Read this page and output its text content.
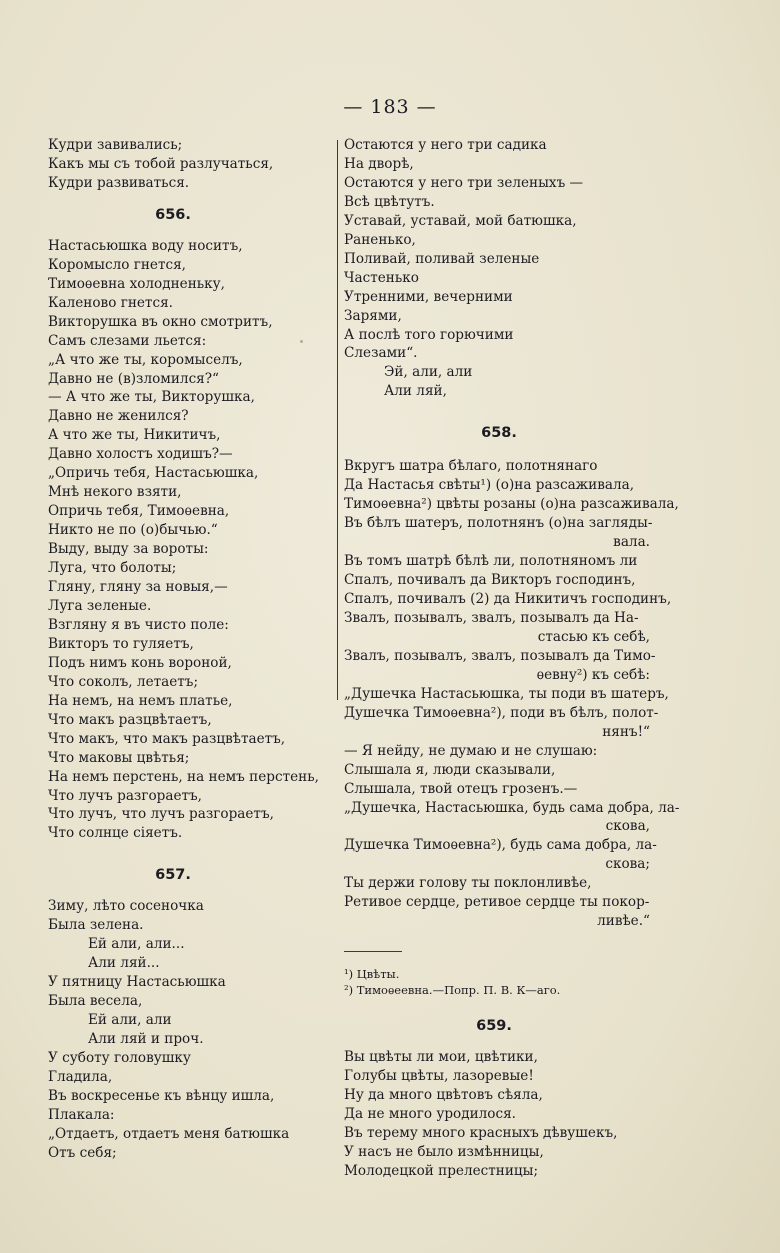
— 183 —
Кудри завивались;
Какъ мы съ тобой разлучаться,
Кудри развиваться.
656.
Настасьюшка воду носитъ,
Коромысло гнется,
Тимоѳевна холодненьку,
Каленово гнется.
Викторушка въ окно смотритъ,
Самъ слезами льется:
„А что же ты, коромыселъ,
Давно не (в)зломился?“
— А что же ты, Викторушка,
Давно не женился?
А что же ты, Никитичъ,
Давно холостъ ходишъ?—
„Опричь тебя, Настасьюшка,
Мнѣ некого взяти,
Опричь тебя, Тимоѳевна,
Никто не по (о)бычью.“
Выду, выду за вороты:
Луга, что болоты;
Гляну, гляну за новыя,—
Луга зеленые.
Взгляну я въ чисто поле:
Викторъ то гуляетъ,
Подъ нимъ конь вороной,
Что соколъ, летаетъ;
На немъ, на немъ платье,
Что макъ разцвѣтаетъ,
Что макъ, что макъ разцвѣтаетъ,
Что маковы цвѣтья;
На немъ перстень, на немъ перстень,
Что лучъ разгораетъ,
Что лучъ, что лучъ разгораетъ,
Что солнце сіяетъ.
657.
Зиму, лѣто сосеночка
Была зелена.
Ей али, али...
Али ляй...
У пятницу Настасьюшка
Была весела,
Ей али, али
Али ляй и проч.
У суботу головушку
Гладила,
Въ воскресенье къ вѣнцу ишла,
Плакала:
„Отдаетъ, отдаетъ меня батюшка
Отъ себя;
Остаются у него три садика
На дворѣ,
Остаются у него три зеленыхъ —
Всѣ цвѣтутъ.
Уставай, уставай, мой батюшка,
Раненько,
Поливай, поливай зеленые
Частенько
Утренними, вечерними
Зарями,
А послѣ того горючими
Слезами“.
Эй, али, али
Али ляй,
658.
Вкругъ шатра бѣлаго, полотнянаго
Да Настасья свѣты¹) (о)на разсаживала,
Тимоѳевна²) цвѣты розаны (о)на разсаживала,
Въ бѣлъ шатеръ, полотнянъ (о)на загляды-
вала.
Въ томъ шатрѣ бѣлѣ ли, полотняномъ ли
Спалъ, почивалъ да Викторъ господинъ,
Спалъ, почивалъ (2) да Никитичъ господинъ,
Звалъ, позывалъ, звалъ, позывалъ да На-
стасью къ себѣ,
Звалъ, позывалъ, звалъ, позывалъ да Тимо-
ѳевну²) къ себѣ:
„Душечка Настасьюшка, ты поди въ шатеръ,
Душечка Тимоѳевна²), поди въ бѣлъ, полот-
нянъ!“
— Я нейду, не думаю и не слушаю:
Слышала я, люди сказывали,
Слышала, твой отецъ грозенъ.—
„Душечка, Настасьюшка, будь сама добра, ла-
скова,
Душечка Тимоѳевна²), будь сама добра, ла-
скова;
Ты держи голову ты поклонливѣе,
Ретивое сердце, ретивое сердце ты покор-
ливѣе.“
¹) Цвѣты.
²) Тимоѳеевна.—Попр. П. В. К—аго.
659.
Вы цвѣты ли мои, цвѣтики,
Голубы цвѣты, лазоревые!
Ну да много цвѣтовъ сѣяла,
Да не много уродилося.
Въ терему много красныхъ дѣвушекъ,
У насъ не было измѣнницы,
Молодецкой прелестницы;
